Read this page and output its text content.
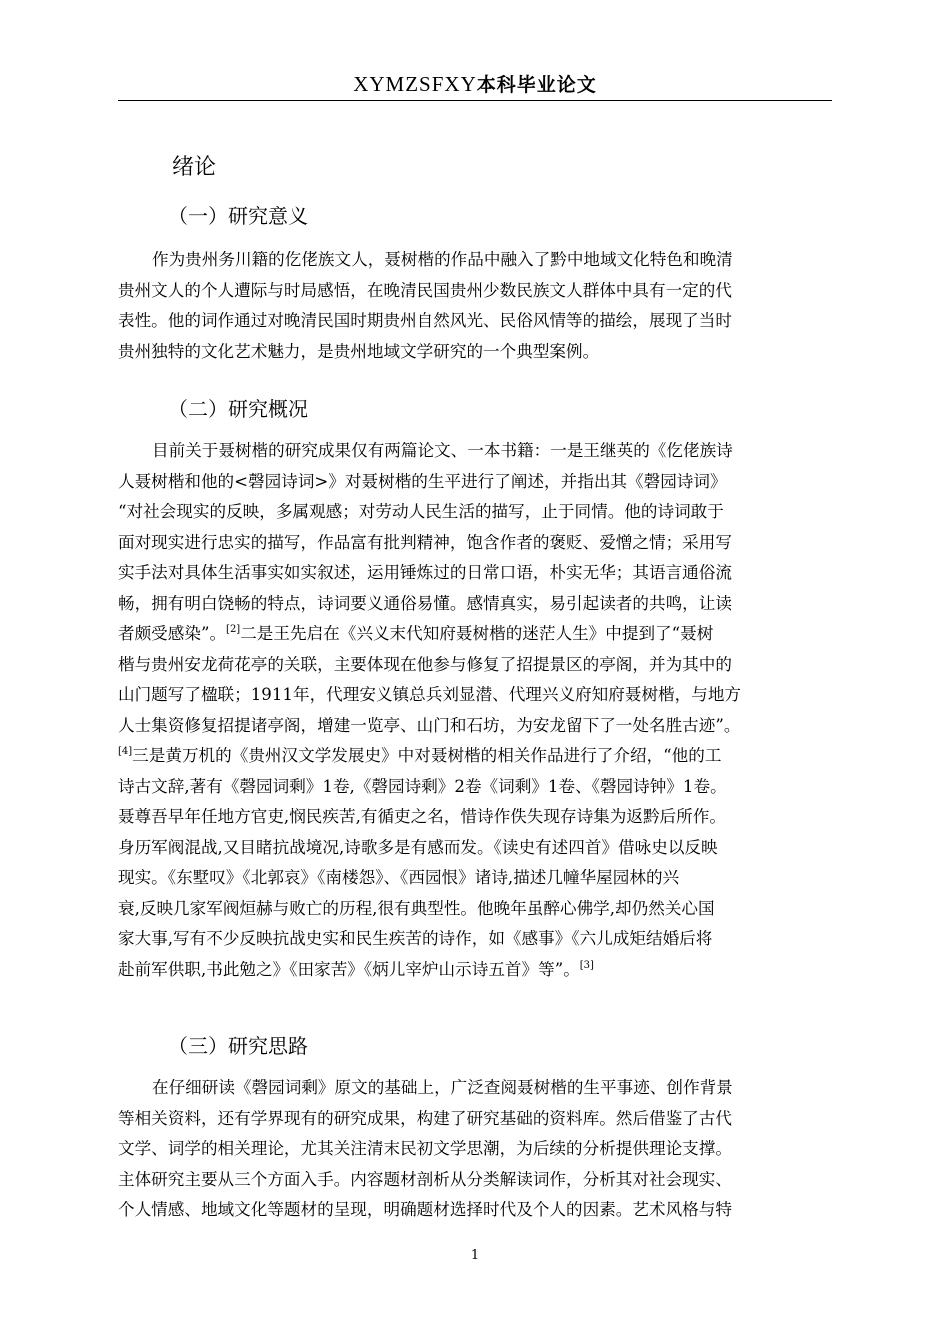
XYMZSFXY本科毕业论文
绪论
（一）研究意义
作为贵州务川籍的仡佬族文人，聂树楷的作品中融入了黔中地域文化特色和晚清
贵州文人的个人遭际与时局感悟，在晚清民国贵州少数民族文人群体中具有一定的代
表性。他的词作通过对晚清民国时期贵州自然风光、民俗风情等的描绘，展现了当时
贵州独特的文化艺术魅力，是贵州地域文学研究的一个典型案例。
（二）研究概况
目前关于聂树楷的研究成果仅有两篇论文、一本书籍：一是王继英的《仡佬族诗
人聂树楷和他的<磬园诗词>》对聂树楷的生平进行了阐述，并指出其《磬园诗词》
“对社会现实的反映，多属观感；对劳动人民生活的描写，止于同情。他的诗词敢于
面对现实进行忠实的描写，作品富有批判精神，饱含作者的褒贬、爱憎之情；采用写
实手法对具体生活事实如实叙述，运用锤炼过的日常口语，朴实无华；其语言通俗流
畅，拥有明白饶畅的特点，诗词要义通俗易懂。感情真实，易引起读者的共鸣，让读
者颇受感染”。[2]二是王先启在《兴义末代知府聂树楷的迷茫人生》中提到了“聂树
楷与贵州安龙荷花亭的关联，主要体现在他参与修复了招提景区的亭阁，并为其中的
山门题写了楹联；1911年，代理安义镇总兵刘显潜、代理兴义府知府聂树楷，与地方
人士集资修复招提诸亭阁，增建一览亭、山门和石坊，为安龙留下了一处名胜古迹”。
[4]三是黄万机的《贵州汉文学发展史》中对聂树楷的相关作品进行了介绍，“他的工
诗古文辞,著有《磬园词剩》1卷,《磬园诗剩》2卷《词剩》1卷、《磬园诗钟》1卷。
聂尊吾早年任地方官吏,悯民疾苦,有循吏之名，惜诗作佚失现存诗集为返黔后所作。
身历军阀混战,又目睹抗战境况,诗歌多是有感而发。《读史有述四首》借咏史以反映
现实。《东墅叹》《北郭哀》《南楼怨》、《西园恨》诸诗,描述几幢华屋园林的兴
衰,反映几家军阀烜赫与败亡的历程,很有典型性。他晚年虽醉心佛学,却仍然关心国
家大事,写有不少反映抗战史实和民生疾苦的诗作，如《感事》《六儿成矩结婚后将
赴前军供职,书此勉之》《田家苦》《炳儿宰炉山示诗五首》等”。[3]
（三）研究思路
在仔细研读《磬园词剩》原文的基础上，广泛查阅聂树楷的生平事迹、创作背景
等相关资料，还有学界现有的研究成果，构建了研究基础的资料库。然后借鉴了古代
文学、词学的相关理论，尤其关注清末民初文学思潮，为后续的分析提供理论支撑。
主体研究主要从三个方面入手。内容题材剖析从分类解读词作，分析其对社会现实、
个人情感、地域文化等题材的呈现，明确题材选择时代及个人的因素。艺术风格与特
1
